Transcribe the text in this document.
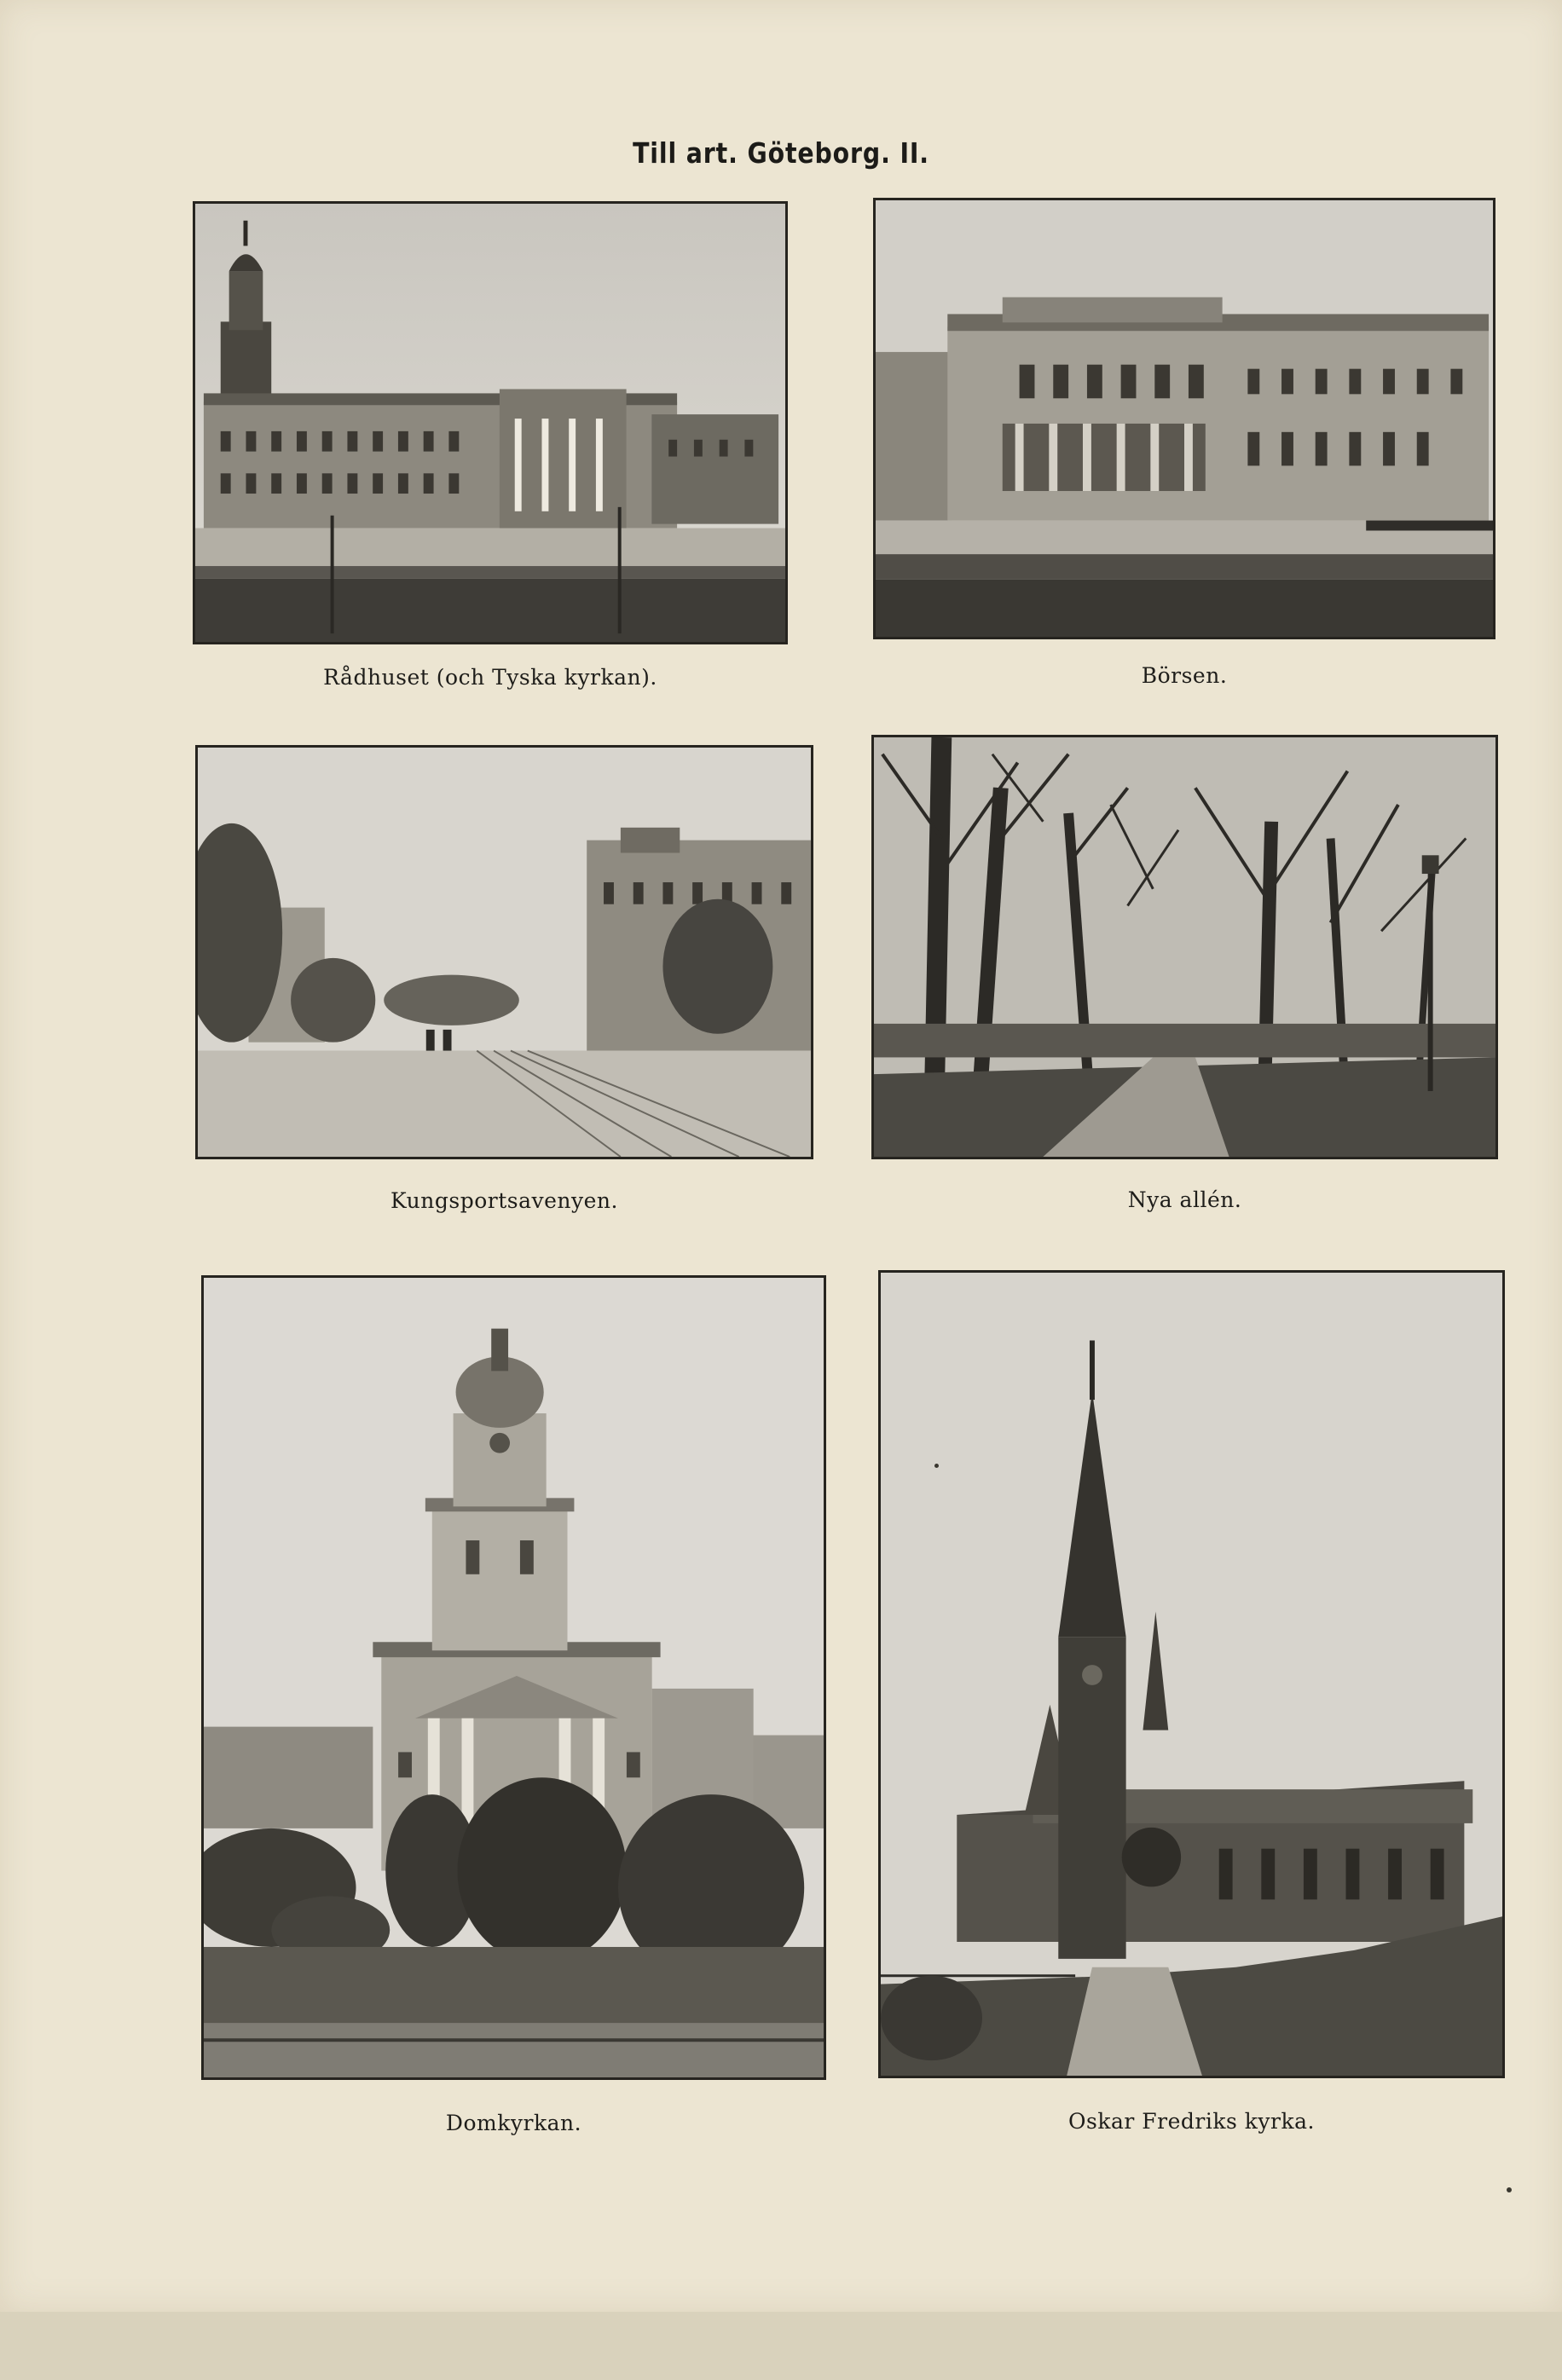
Till art. Göteborg. II.
Rådhuset (och Tyska kyrkan).	Börsen.
Kungsportsavenyen.	Nya allén.
Domkyrkan.	Oskar Fredriks kyrka.
